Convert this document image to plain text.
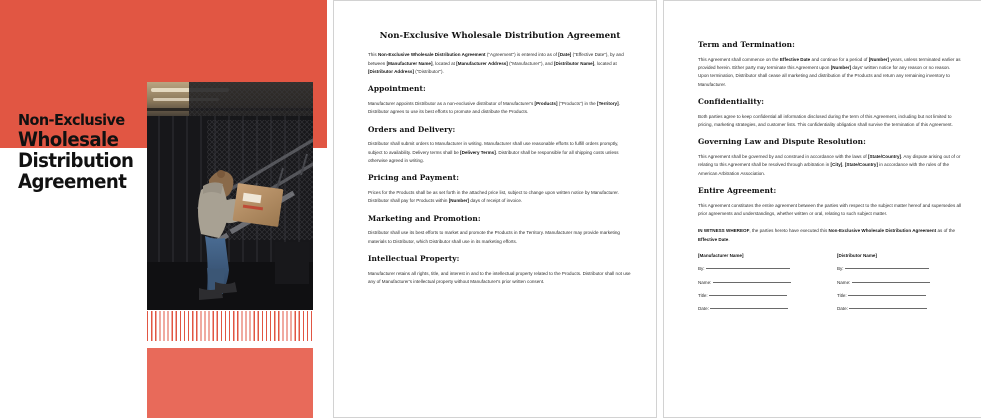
Non-Exclusive
Wholesale
Distribution
Agreement
Non-Exclusive Wholesale Distribution Agreement

This Non-Exclusive Wholesale Distribution Agreement ("Agreement") is entered into as of [Date] ("Effective Date"), by and between [Manufacturer Name], located at [Manufacturer Address] ("Manufacturer"), and [Distributor Name], located at [Distributor Address] ("Distributor").

Appointment:

Manufacturer appoints Distributor as a non-exclusive distributor of Manufacturer's [Products] ("Products") in the [Territory]. Distributor agrees to use its best efforts to promote and distribute the Products.

Orders and Delivery:

Distributor shall submit orders to Manufacturer in writing. Manufacturer shall use reasonable efforts to fulfill orders promptly, subject to availability. Delivery terms shall be [Delivery Terms]. Distributor shall be responsible for all shipping costs unless otherwise agreed in writing.

Pricing and Payment:

Prices for the Products shall be as set forth in the attached price list, subject to change upon written notice by Manufacturer. Distributor shall pay for Products within [Number] days of receipt of invoice.

Marketing and Promotion:

Distributor shall use its best efforts to market and promote the Products in the Territory. Manufacturer may provide marketing materials to Distributor, which Distributor shall use in its marketing efforts.

Intellectual Property:

Manufacturer retains all rights, title, and interest in and to the intellectual property related to the Products. Distributor shall not use any of Manufacturer's intellectual property without Manufacturer's prior written consent.

Term and Termination:

This Agreement shall commence on the Effective Date and continue for a period of [Number] years, unless terminated earlier as provided herein. Either party may terminate this Agreement upon [Number] days' written notice for any reason or no reason. Upon termination, Distributor shall cease all marketing and distribution of the Products and return any remaining inventory to Manufacturer.

Confidentiality:

Both parties agree to keep confidential all information disclosed during the term of this Agreement, including but not limited to pricing, marketing strategies, and customer lists. This confidentiality obligation shall survive the termination of this Agreement.

Governing Law and Dispute Resolution:

This Agreement shall be governed by and construed in accordance with the laws of [State/Country]. Any dispute arising out of or relating to this Agreement shall be resolved through arbitration in [City], [State/Country] in accordance with the rules of the American Arbitration Association.

Entire Agreement:

This Agreement constitutes the entire agreement between the parties with respect to the subject matter hereof and supersedes all prior agreements and understandings, whether written or oral, relating to such subject matter.

IN WITNESS WHEREOF, the parties hereto have executed this Non-Exclusive Wholesale Distribution Agreement as of the Effective Date.

[Manufacturer Name]
By:
Name:
Title:
Date:
[Distributor Name]
By:
Name:
Title:
Date:
